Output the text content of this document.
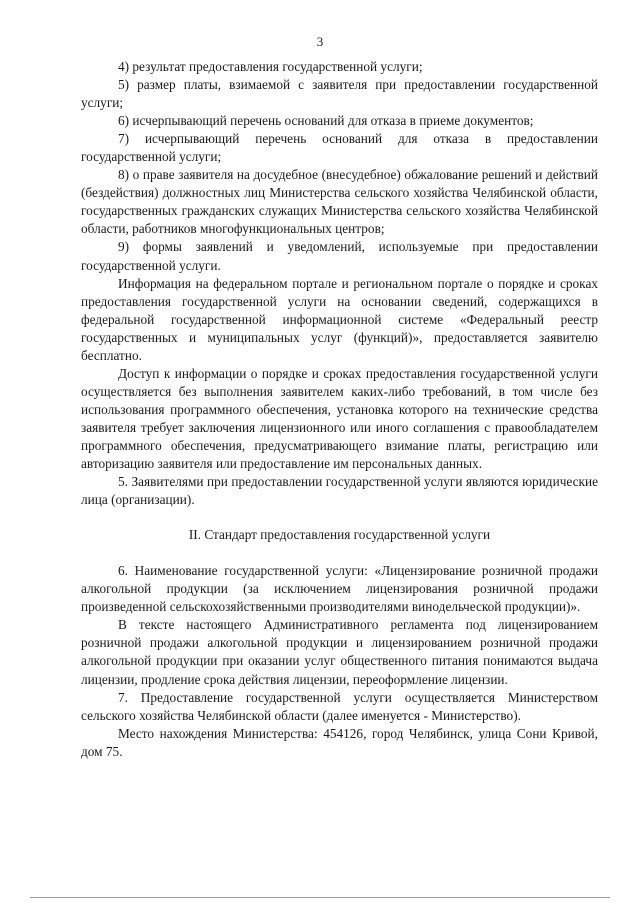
3

4) результат предоставления государственной услуги;

5) размер платы, взимаемой с заявителя при предоставлении государственной услуги;

6) исчерпывающий перечень оснований для отказа в приеме документов;

7) исчерпывающий перечень оснований для отказа в предоставлении государственной услуги;

8) о праве заявителя на досудебное (внесудебное) обжалование решений и действий (бездействия) должностных лиц Министерства сельского хозяйства Челябинской области, государственных гражданских служащих Министерства сельского хозяйства Челябинской области, работников многофункциональных центров;

9) формы заявлений и уведомлений, используемые при предоставлении государственной услуги.

Информация на федеральном портале и региональном портале о порядке и сроках предоставления государственной услуги на основании сведений, содержащихся в федеральной государственной информационной системе «Федеральный реестр государственных и муниципальных услуг (функций)», предоставляется заявителю бесплатно.

Доступ к информации о порядке и сроках предоставления государственной услуги осуществляется без выполнения заявителем каких-либо требований, в том числе без использования программного обеспечения, установка которого на технические средства заявителя требует заключения лицензионного или иного соглашения с правообладателем программного обеспечения, предусматривающего взимание платы, регистрацию или авторизацию заявителя или предоставление им персональных данных.

5. Заявителями при предоставлении государственной услуги являются юридические лица (организации).

II. Стандарт предоставления государственной услуги

6. Наименование государственной услуги: «Лицензирование розничной продажи алкогольной продукции (за исключением лицензирования розничной продажи произведенной сельскохозяйственными производителями винодельческой продукции)».

В тексте настоящего Административного регламента под лицензированием розничной продажи алкогольной продукции и лицензированием розничной продажи алкогольной продукции при оказании услуг общественного питания понимаются выдача лицензии, продление срока действия лицензии, переоформление лицензии.

7. Предоставление государственной услуги осуществляется Министерством сельского хозяйства Челябинской области (далее именуется - Министерство).

Место нахождения Министерства: 454126, город Челябинск, улица Сони Кривой, дом 75.
